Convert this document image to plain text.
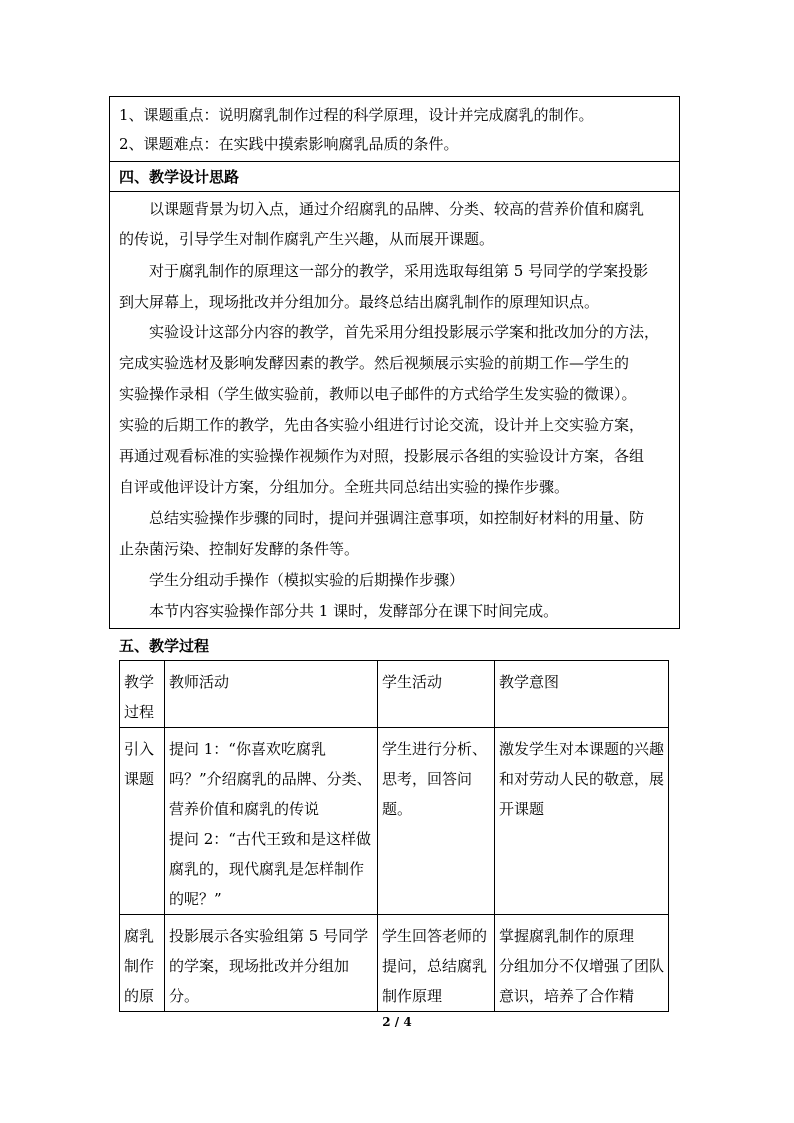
1、课题重点：说明腐乳制作过程的科学原理，设计并完成腐乳的制作。
2、课题难点：在实践中摸索影响腐乳品质的条件。
四、教学设计思路
以课题背景为切入点，通过介绍腐乳的品牌、分类、较高的营养价值和腐乳
的传说，引导学生对制作腐乳产生兴趣，从而展开课题。
对于腐乳制作的原理这一部分的教学，采用选取每组第 5 号同学的学案投影
到大屏幕上，现场批改并分组加分。最终总结出腐乳制作的原理知识点。
实验设计这部分内容的教学，首先采用分组投影展示学案和批改加分的方法，
完成实验选材及影响发酵因素的教学。然后视频展示实验的前期工作—学生的
实验操作录相（学生做实验前，教师以电子邮件的方式给学生发实验的微课）。
实验的后期工作的教学，先由各实验小组进行讨论交流，设计并上交实验方案，
再通过观看标准的实验操作视频作为对照，投影展示各组的实验设计方案，各组
自评或他评设计方案，分组加分。全班共同总结出实验的操作步骤。
总结实验操作步骤的同时，提问并强调注意事项，如控制好材料的用量、防
止杂菌污染、控制好发酵的条件等。
学生分组动手操作（模拟实验的后期操作步骤）
本节内容实验操作部分共 1 课时，发酵部分在课下时间完成。
五、教学过程
教学过程	教师活动	学生活动	教学意图
引入课题	提问 1：“你喜欢吃腐乳吗？”介绍腐乳的品牌、分类、营养价值和腐乳的传说
提问 2：“古代王致和是这样做腐乳的，现代腐乳是怎样制作的呢？”	学生进行分析、思考，回答问题。	激发学生对本课题的兴趣和对劳动人民的敬意，展开课题
腐乳制作的原	投影展示各实验组第 5 号同学的学案，现场批改并分组加分。	学生回答老师的提问，总结腐乳制作原理	掌握腐乳制作的原理
分组加分不仅增强了团队意识，培养了合作精
2 / 4
